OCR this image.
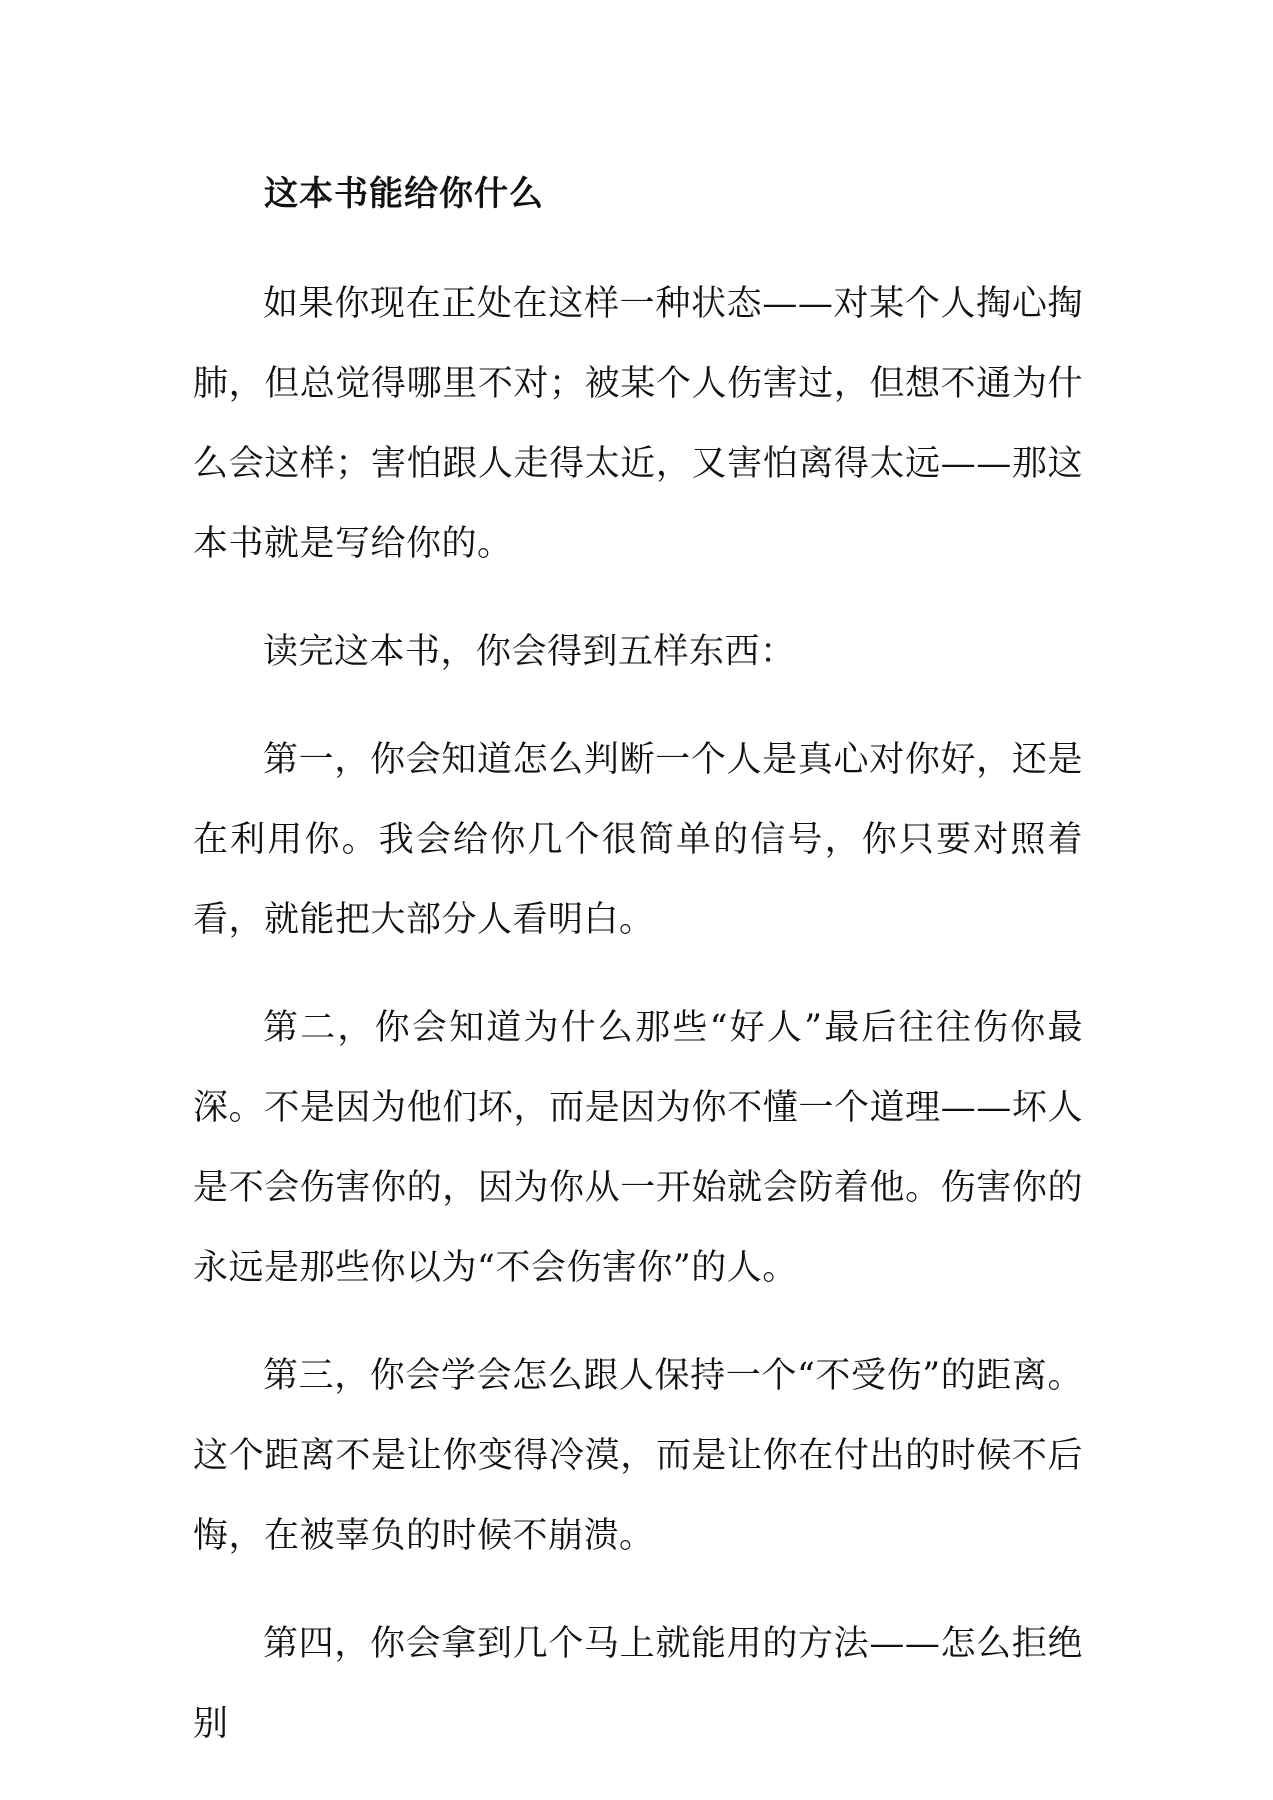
这本书能给你什么

如果你现在正处在这样一种状态——对某个人掏心掏肺，但总觉得哪里不对；被某个人伤害过，但想不通为什么会这样；害怕跟人走得太近，又害怕离得太远——那这本书就是写给你的。

读完这本书，你会得到五样东西：

第一，你会知道怎么判断一个人是真心对你好，还是在利用你。我会给你几个很简单的信号，你只要对照着看，就能把大部分人看明白。

第二，你会知道为什么那些“好人”最后往往伤你最深。不是因为他们坏，而是因为你不懂一个道理——坏人是不会伤害你的，因为你从一开始就会防着他。伤害你的永远是那些你以为“不会伤害你”的人。

第三，你会学会怎么跟人保持一个“不受伤”的距离。这个距离不是让你变得冷漠，而是让你在付出的时候不后悔，在被辜负的时候不崩溃。

第四，你会拿到几个马上就能用的方法——怎么拒绝别
